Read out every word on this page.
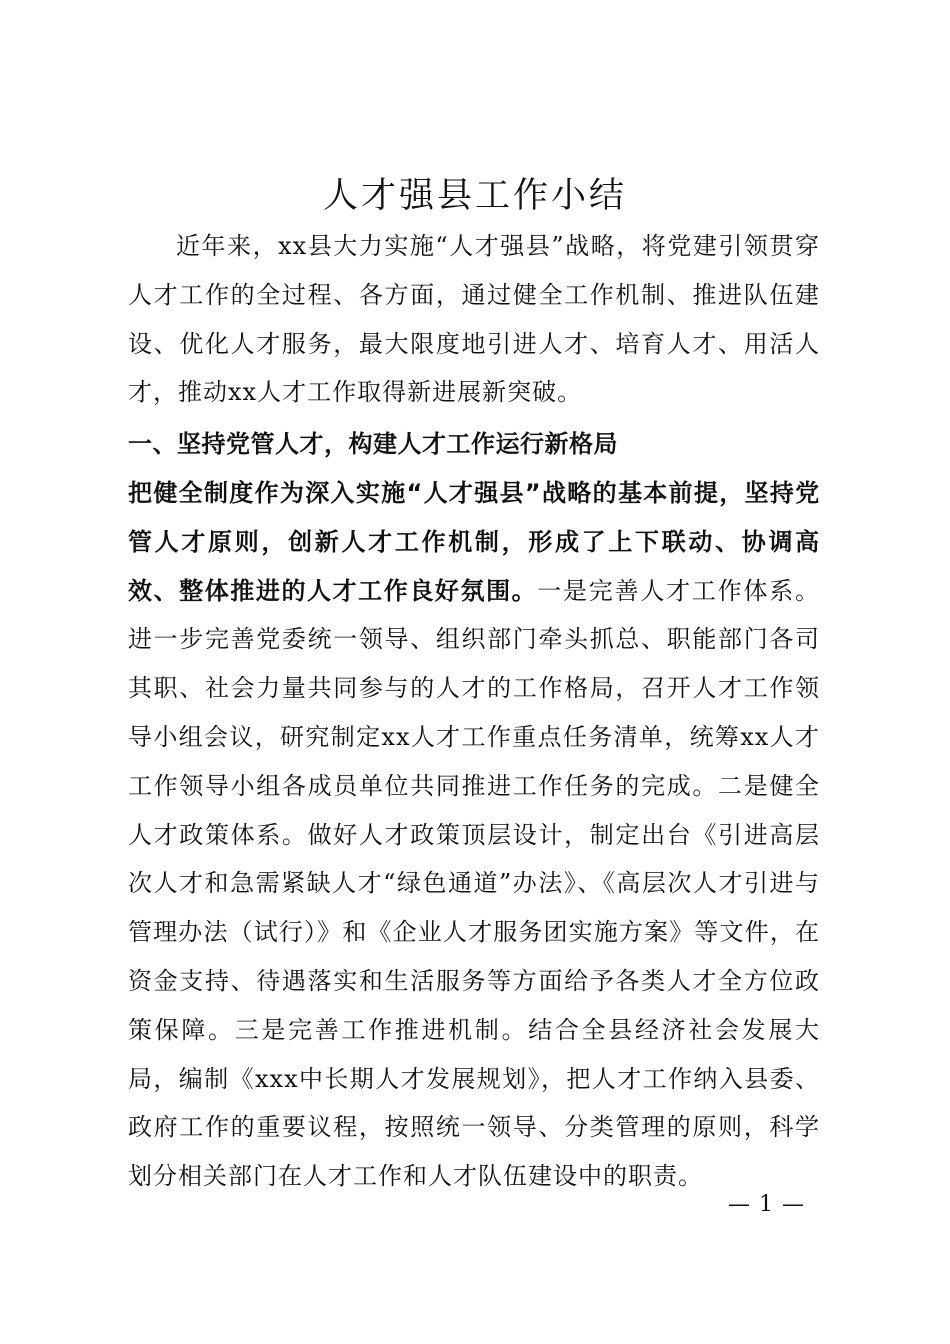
人才强县工作小结

近年来，xx县大力实施“人才强县”战略，将党建引领贯穿人才工作的全过程、各方面，通过健全工作机制、推进队伍建设、优化人才服务，最大限度地引进人才、培育人才、用活人才，推动xx人才工作取得新进展新突破。

一、坚持党管人才，构建人才工作运行新格局

把健全制度作为深入实施“人才强县”战略的基本前提，坚持党管人才原则，创新人才工作机制，形成了上下联动、协调高效、整体推进的人才工作良好氛围。一是完善人才工作体系。进一步完善党委统一领导、组织部门牵头抓总、职能部门各司其职、社会力量共同参与的人才的工作格局，召开人才工作领导小组会议，研究制定xx人才工作重点任务清单，统筹xx人才工作领导小组各成员单位共同推进工作任务的完成。二是健全人才政策体系。做好人才政策顶层设计，制定出台《引进高层次人才和急需紧缺人才“绿色通道”办法》、《高层次人才引进与管理办法（试行）》和《企业人才服务团实施方案》等文件，在资金支持、待遇落实和生活服务等方面给予各类人才全方位政策保障。三是完善工作推进机制。结合全县经济社会发展大局，编制《xxx中长期人才发展规划》，把人才工作纳入县委、政府工作的重要议程，按照统一领导、分类管理的原则，科学划分相关部门在人才工作和人才队伍建设中的职责。

— 1 —
